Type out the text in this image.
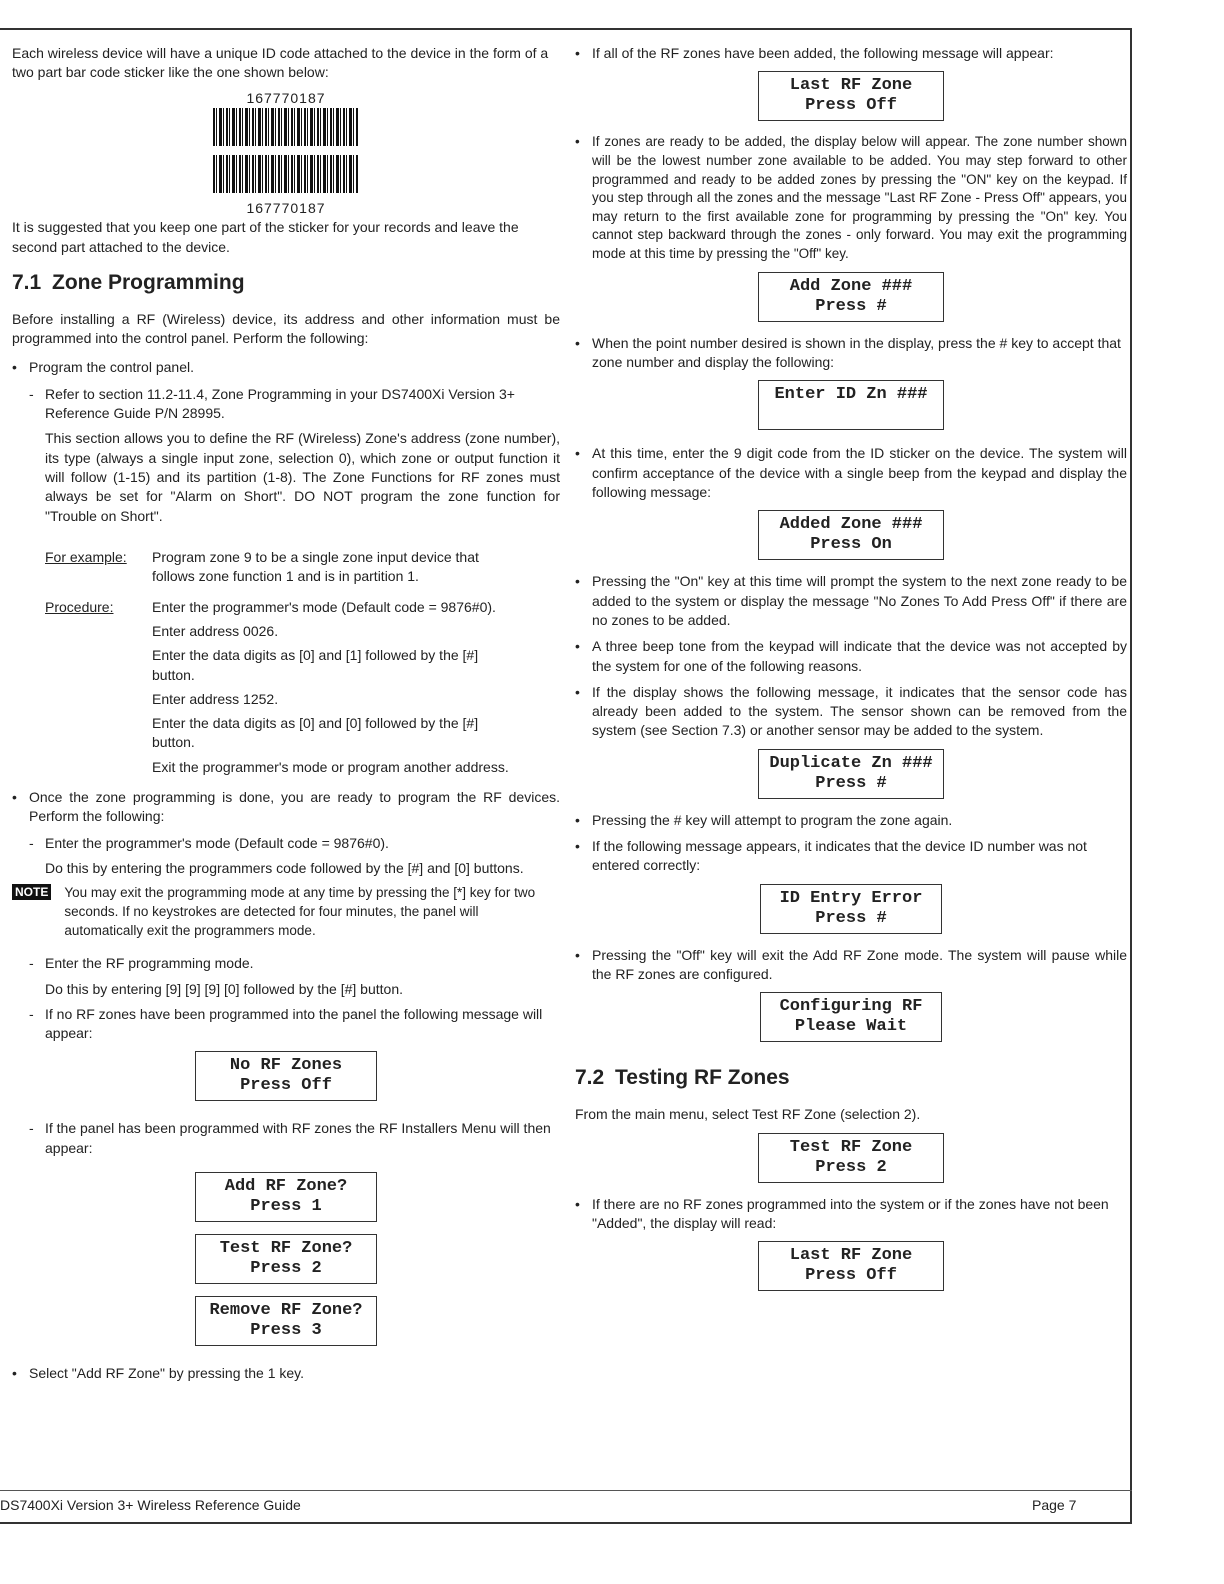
Each wireless device will have a unique ID code attached to the device in the form of a two part bar code sticker like the one shown below:

167770187

167770187

It is suggested that you keep one part of the sticker for your records and leave the second part attached to the device.

7.1 Zone Programming

Before installing a RF (Wireless) device, its address and other information must be programmed into the control panel. Perform the following:

• Program the control panel.
- Refer to section 11.2-11.4, Zone Programming in your DS7400Xi Version 3+ Reference Guide P/N 28995.

This section allows you to define the RF (Wireless) Zone's address (zone number), its type (always a single input zone, selection 0), which zone or output function it will follow (1-15) and its partition (1-8). The Zone Functions for RF zones must always be set for "Alarm on Short". DO NOT program the zone function for "Trouble on Short".

For example:	Program zone 9 to be a single zone input device that follows zone function 1 and is in partition 1.

Procedure:	Enter the programmer's mode (Default code = 9876#0).

Enter address 0026.

Enter the data digits as [0] and [1] followed by the [#] button.

Enter address 1252.

Enter the data digits as [0] and [0] followed by the [#] button.

Exit the programmer's mode or program another address.

• Once the zone programming is done, you are ready to program the RF devices. Perform the following:
- Enter the programmer's mode (Default code = 9876#0).

Do this by entering the programmers code followed by the [#] and [0] buttons.

NOTE You may exit the programming mode at any time by pressing the [*] key for two seconds. If no keystrokes are detected for four minutes, the panel will automatically exit the programmers mode.
- Enter the RF programming mode.

Do this by entering [9] [9] [9] [0] followed by the [#] button.

- If no RF zones have been programmed into the panel the following message will appear:
No RF Zones
Press Off
- If the panel has been programmed with RF zones the RF Installers Menu will then appear:
Add RF Zone?
Press 1
Test RF Zone?
Press 2
Remove RF Zone?
Press 3
• Select "Add RF Zone" by pressing the 1 key.
• If all of the RF zones have been added, the following message will appear:
Last RF Zone
Press Off
• If zones are ready to be added, the display below will appear. The zone number shown will be the lowest number zone available to be added. You may step forward to other programmed and ready to be added zones by pressing the "ON" key on the keypad. If you step through all the zones and the message "Last RF Zone - Press Off" appears, you may return to the first available zone for programming by pressing the "On" key. You cannot step backward through the zones - only forward. You may exit the programming mode at this time by pressing the "Off" key.
Add Zone ###
Press #
• When the point number desired is shown in the display, press the # key to accept that zone number and display the following:
Enter ID Zn ###

• At this time, enter the 9 digit code from the ID sticker on the device. The system will confirm acceptance of the device with a single beep from the keypad and display the following message:
Added Zone ###
Press On
• Pressing the "On" key at this time will prompt the system to the next zone ready to be added to the system or display the message "No Zones To Add Press Off" if there are no zones to be added.
• A three beep tone from the keypad will indicate that the device was not accepted by the system for one of the following reasons.
• If the display shows the following message, it indicates that the sensor code has already been added to the system. The sensor shown can be removed from the system (see Section 7.3) or another sensor may be added to the system.
Duplicate Zn ###
Press #
• Pressing the # key will attempt to program the zone again.
• If the following message appears, it indicates that the device ID number was not entered correctly:
ID Entry Error
Press #
• Pressing the "Off" key will exit the Add RF Zone mode. The system will pause while the RF zones are configured.
Configuring RF
Please Wait
7.2 Testing RF Zones

From the main menu, select Test RF Zone (selection 2).

Test RF Zone
Press 2
• If there are no RF zones programmed into the system or if the zones have not been "Added", the display will read:
Last RF Zone
Press Off
DS7400Xi Version 3+ Wireless Reference Guide	Page 7
